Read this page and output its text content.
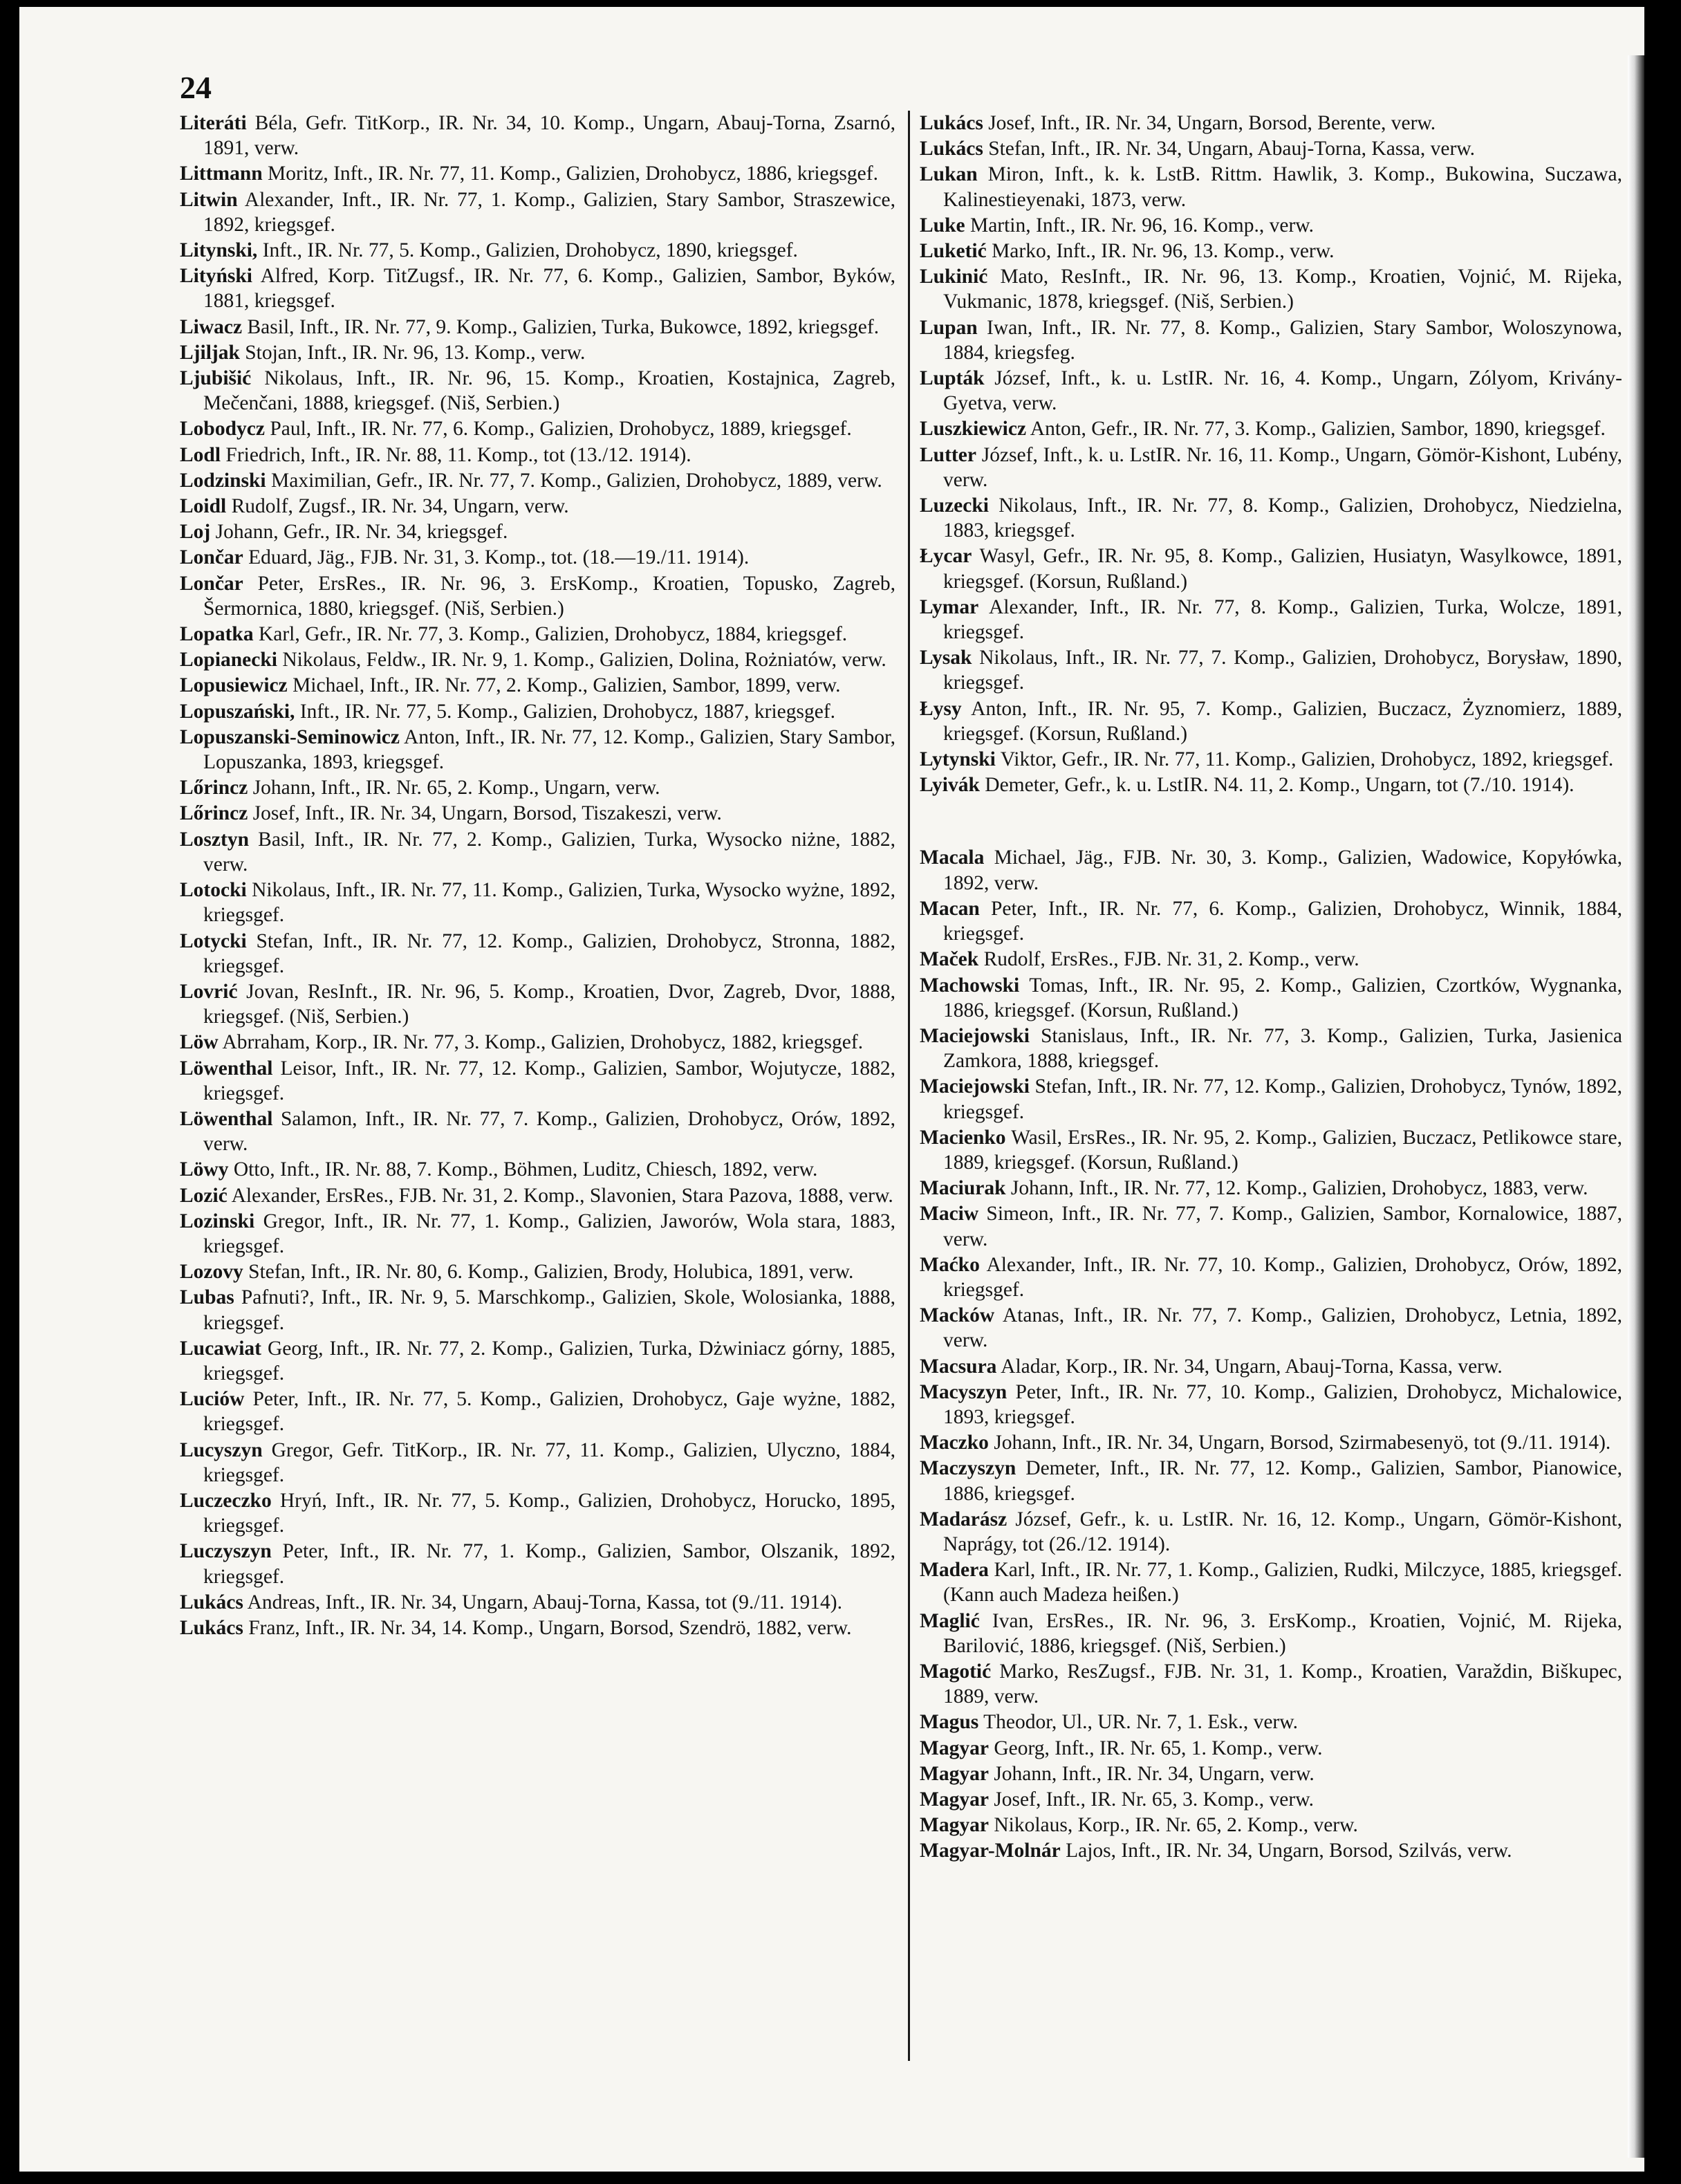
24

Literáti Béla, Gefr. TitKorp., IR. Nr. 34, 10. Komp., Ungarn, Abauj-Torna, Zsarnó, 1891, verw.

Littmann Moritz, Inft., IR. Nr. 77, 11. Komp., Galizien, Drohobycz, 1886, kriegsgef.

Litwin Alexander, Inft., IR. Nr. 77, 1. Komp., Galizien, Stary Sambor, Straszewice, 1892, kriegsgef.

Litynski, Inft., IR. Nr. 77, 5. Komp., Galizien, Drohobycz, 1890, kriegsgef.

Lityński Alfred, Korp. TitZugsf., IR. Nr. 77, 6. Komp., Galizien, Sambor, Byków, 1881, kriegsgef.

Liwacz Basil, Inft., IR. Nr. 77, 9. Komp., Galizien, Turka, Bukowce, 1892, kriegsgef.

Ljiljak Stojan, Inft., IR. Nr. 96, 13. Komp., verw.

Ljubišić Nikolaus, Inft., IR. Nr. 96, 15. Komp., Kroatien, Kostajnica, Zagreb, Mečenčani, 1888, kriegsgef. (Niš, Serbien.)

Lobodycz Paul, Inft., IR. Nr. 77, 6. Komp., Galizien, Drohobycz, 1889, kriegsgef.

Lodl Friedrich, Inft., IR. Nr. 88, 11. Komp., tot (13./12. 1914).

Lodzinski Maximilian, Gefr., IR. Nr. 77, 7. Komp., Galizien, Drohobycz, 1889, verw.

Loidl Rudolf, Zugsf., IR. Nr. 34, Ungarn, verw.

Loj Johann, Gefr., IR. Nr. 34, kriegsgef.

Lončar Eduard, Jäg., FJB. Nr. 31, 3. Komp., tot. (18.—19./11. 1914).

Lončar Peter, ErsRes., IR. Nr. 96, 3. ErsKomp., Kroatien, Topusko, Zagreb, Šermornica, 1880, kriegsgef. (Niš, Serbien.)

Lopatka Karl, Gefr., IR. Nr. 77, 3. Komp., Galizien, Drohobycz, 1884, kriegsgef.

Lopianecki Nikolaus, Feldw., IR. Nr. 9, 1. Komp., Galizien, Dolina, Rożniatów, verw.

Lopusiewicz Michael, Inft., IR. Nr. 77, 2. Komp., Galizien, Sambor, 1899, verw.

Lopuszański, Inft., IR. Nr. 77, 5. Komp., Galizien, Drohobycz, 1887, kriegsgef.

Lopuszanski-Seminowicz Anton, Inft., IR. Nr. 77, 12. Komp., Galizien, Stary Sambor, Lopuszanka, 1893, kriegsgef.

Lőrincz Johann, Inft., IR. Nr. 65, 2. Komp., Ungarn, verw.

Lőrincz Josef, Inft., IR. Nr. 34, Ungarn, Borsod, Tiszakeszi, verw.

Losztyn Basil, Inft., IR. Nr. 77, 2. Komp., Galizien, Turka, Wysocko niżne, 1882, verw.

Lotocki Nikolaus, Inft., IR. Nr. 77, 11. Komp., Galizien, Turka, Wysocko wyżne, 1892, kriegsgef.

Lotycki Stefan, Inft., IR. Nr. 77, 12. Komp., Galizien, Drohobycz, Stronna, 1882, kriegsgef.

Lovrić Jovan, ResInft., IR. Nr. 96, 5. Komp., Kroatien, Dvor, Zagreb, Dvor, 1888, kriegsgef. (Niš, Serbien.)

Löw Abrraham, Korp., IR. Nr. 77, 3. Komp., Galizien, Drohobycz, 1882, kriegsgef.

Löwenthal Leisor, Inft., IR. Nr. 77, 12. Komp., Galizien, Sambor, Wojutycze, 1882, kriegsgef.

Löwenthal Salamon, Inft., IR. Nr. 77, 7. Komp., Galizien, Drohobycz, Orów, 1892, verw.

Löwy Otto, Inft., IR. Nr. 88, 7. Komp., Böhmen, Luditz, Chiesch, 1892, verw.

Lozić Alexander, ErsRes., FJB. Nr. 31, 2. Komp., Slavonien, Stara Pazova, 1888, verw.

Lozinski Gregor, Inft., IR. Nr. 77, 1. Komp., Galizien, Jaworów, Wola stara, 1883, kriegsgef.

Lozovy Stefan, Inft., IR. Nr. 80, 6. Komp., Galizien, Brody, Holubica, 1891, verw.

Lubas Pafnuti?, Inft., IR. Nr. 9, 5. Marschkomp., Galizien, Skole, Wolosianka, 1888, kriegsgef.

Lucawiat Georg, Inft., IR. Nr. 77, 2. Komp., Galizien, Turka, Dżwiniacz górny, 1885, kriegsgef.

Luciów Peter, Inft., IR. Nr. 77, 5. Komp., Galizien, Drohobycz, Gaje wyżne, 1882, kriegsgef.

Lucyszyn Gregor, Gefr. TitKorp., IR. Nr. 77, 11. Komp., Galizien, Ulyczno, 1884, kriegsgef.

Luczeczko Hryń, Inft., IR. Nr. 77, 5. Komp., Galizien, Drohobycz, Horucko, 1895, kriegsgef.

Luczyszyn Peter, Inft., IR. Nr. 77, 1. Komp., Galizien, Sambor, Olszanik, 1892, kriegsgef.

Lukács Andreas, Inft., IR. Nr. 34, Ungarn, Abauj-Torna, Kassa, tot (9./11. 1914).

Lukács Franz, Inft., IR. Nr. 34, 14. Komp., Ungarn, Borsod, Szendrö, 1882, verw.

Lukács Josef, Inft., IR. Nr. 34, Ungarn, Borsod, Berente, verw.

Lukács Stefan, Inft., IR. Nr. 34, Ungarn, Abauj-Torna, Kassa, verw.

Lukan Miron, Inft., k. k. LstB. Rittm. Hawlik, 3. Komp., Bukowina, Suczawa, Kalinestieyenaki, 1873, verw.

Luke Martin, Inft., IR. Nr. 96, 16. Komp., verw.

Luketić Marko, Inft., IR. Nr. 96, 13. Komp., verw.

Lukinić Mato, ResInft., IR. Nr. 96, 13. Komp., Kroatien, Vojnić, M. Rijeka, Vukmanic, 1878, kriegsgef. (Niš, Serbien.)

Lupan Iwan, Inft., IR. Nr. 77, 8. Komp., Galizien, Stary Sambor, Woloszynowa, 1884, kriegsfeg.

Lupták József, Inft., k. u. LstIR. Nr. 16, 4. Komp., Ungarn, Zólyom, Krivány-Gyetva, verw.

Luszkiewicz Anton, Gefr., IR. Nr. 77, 3. Komp., Galizien, Sambor, 1890, kriegsgef.

Lutter József, Inft., k. u. LstIR. Nr. 16, 11. Komp., Ungarn, Gömör-Kishont, Lubény, verw.

Luzecki Nikolaus, Inft., IR. Nr. 77, 8. Komp., Galizien, Drohobycz, Niedzielna, 1883, kriegsgef.

Łycar Wasyl, Gefr., IR. Nr. 95, 8. Komp., Galizien, Husiatyn, Wasylkowce, 1891, kriegsgef. (Korsun, Rußland.)

Lymar Alexander, Inft., IR. Nr. 77, 8. Komp., Galizien, Turka, Wolcze, 1891, kriegsgef.

Lysak Nikolaus, Inft., IR. Nr. 77, 7. Komp., Galizien, Drohobycz, Borysław, 1890, kriegsgef.

Łysy Anton, Inft., IR. Nr. 95, 7. Komp., Galizien, Buczacz, Żyznomierz, 1889, kriegsgef. (Korsun, Rußland.)

Lytynski Viktor, Gefr., IR. Nr. 77, 11. Komp., Galizien, Drohobycz, 1892, kriegsgef.

Lyivák Demeter, Gefr., k. u. LstIR. N4. 11, 2. Komp., Ungarn, tot (7./10. 1914).

Macala Michael, Jäg., FJB. Nr. 30, 3. Komp., Galizien, Wadowice, Kopyłówka, 1892, verw.

Macan Peter, Inft., IR. Nr. 77, 6. Komp., Galizien, Drohobycz, Winnik, 1884, kriegsgef.

Maček Rudolf, ErsRes., FJB. Nr. 31, 2. Komp., verw.

Machowski Tomas, Inft., IR. Nr. 95, 2. Komp., Galizien, Czortków, Wygnanka, 1886, kriegsgef. (Korsun, Rußland.)

Maciejowski Stanislaus, Inft., IR. Nr. 77, 3. Komp., Galizien, Turka, Jasienica Zamkora, 1888, kriegsgef.

Maciejowski Stefan, Inft., IR. Nr. 77, 12. Komp., Galizien, Drohobycz, Tynów, 1892, kriegsgef.

Macienko Wasil, ErsRes., IR. Nr. 95, 2. Komp., Galizien, Buczacz, Petlikowce stare, 1889, kriegsgef. (Korsun, Rußland.)

Maciurak Johann, Inft., IR. Nr. 77, 12. Komp., Galizien, Drohobycz, 1883, verw.

Maciw Simeon, Inft., IR. Nr. 77, 7. Komp., Galizien, Sambor, Kornalowice, 1887, verw.

Maćko Alexander, Inft., IR. Nr. 77, 10. Komp., Galizien, Drohobycz, Orów, 1892, kriegsgef.

Macków Atanas, Inft., IR. Nr. 77, 7. Komp., Galizien, Drohobycz, Letnia, 1892, verw.

Macsura Aladar, Korp., IR. Nr. 34, Ungarn, Abauj-Torna, Kassa, verw.

Macyszyn Peter, Inft., IR. Nr. 77, 10. Komp., Galizien, Drohobycz, Michalowice, 1893, kriegsgef.

Maczko Johann, Inft., IR. Nr. 34, Ungarn, Borsod, Szirmabesenyö, tot (9./11. 1914).

Maczyszyn Demeter, Inft., IR. Nr. 77, 12. Komp., Galizien, Sambor, Pianowice, 1886, kriegsgef.

Madarász József, Gefr., k. u. LstIR. Nr. 16, 12. Komp., Ungarn, Gömör-Kishont, Naprágy, tot (26./12. 1914).

Madera Karl, Inft., IR. Nr. 77, 1. Komp., Galizien, Rudki, Milczyce, 1885, kriegsgef. (Kann auch Madeza heißen.)

Maglić Ivan, ErsRes., IR. Nr. 96, 3. ErsKomp., Kroatien, Vojnić, M. Rijeka, Barilović, 1886, kriegsgef. (Niš, Serbien.)

Magotić Marko, ResZugsf., FJB. Nr. 31, 1. Komp., Kroatien, Varaždin, Biškupec, 1889, verw.

Magus Theodor, Ul., UR. Nr. 7, 1. Esk., verw.

Magyar Georg, Inft., IR. Nr. 65, 1. Komp., verw.

Magyar Johann, Inft., IR. Nr. 34, Ungarn, verw.

Magyar Josef, Inft., IR. Nr. 65, 3. Komp., verw.

Magyar Nikolaus, Korp., IR. Nr. 65, 2. Komp., verw.

Magyar-Molnár Lajos, Inft., IR. Nr. 34, Ungarn, Borsod, Szilvás, verw.
